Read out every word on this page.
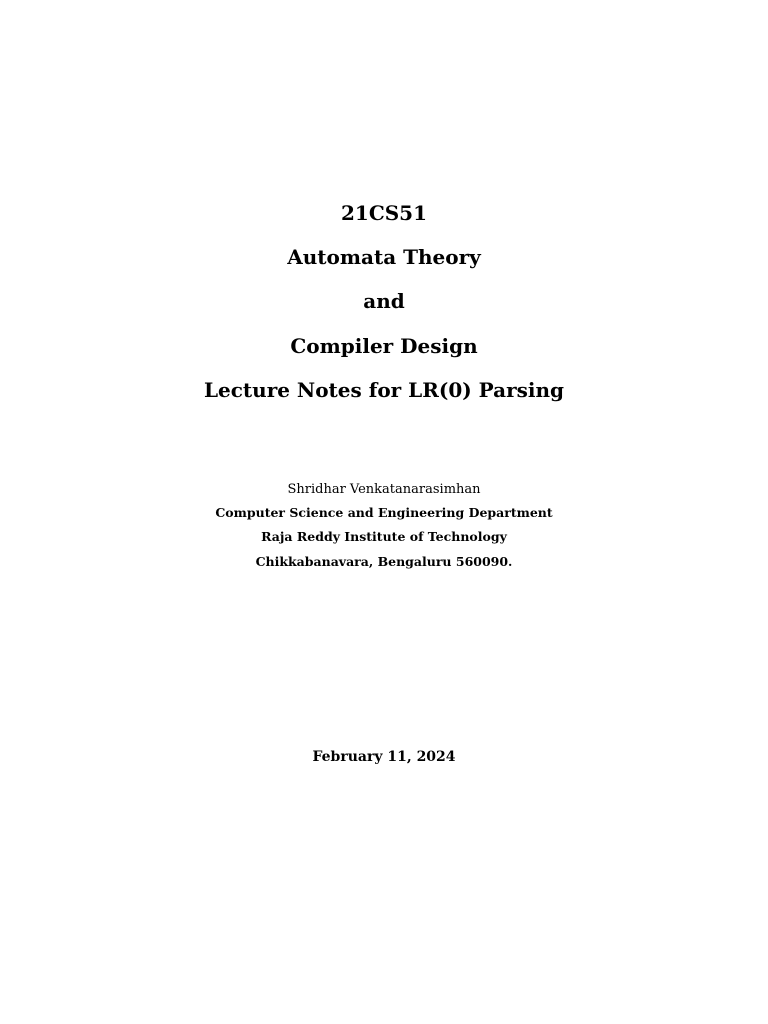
21CS51
Automata Theory
and
Compiler Design
Lecture Notes for LR(0) Parsing
Shridhar Venkatanarasimhan
Computer Science and Engineering Department
Raja Reddy Institute of Technology
Chikkabanavara, Bengaluru 560090.
February 11, 2024
